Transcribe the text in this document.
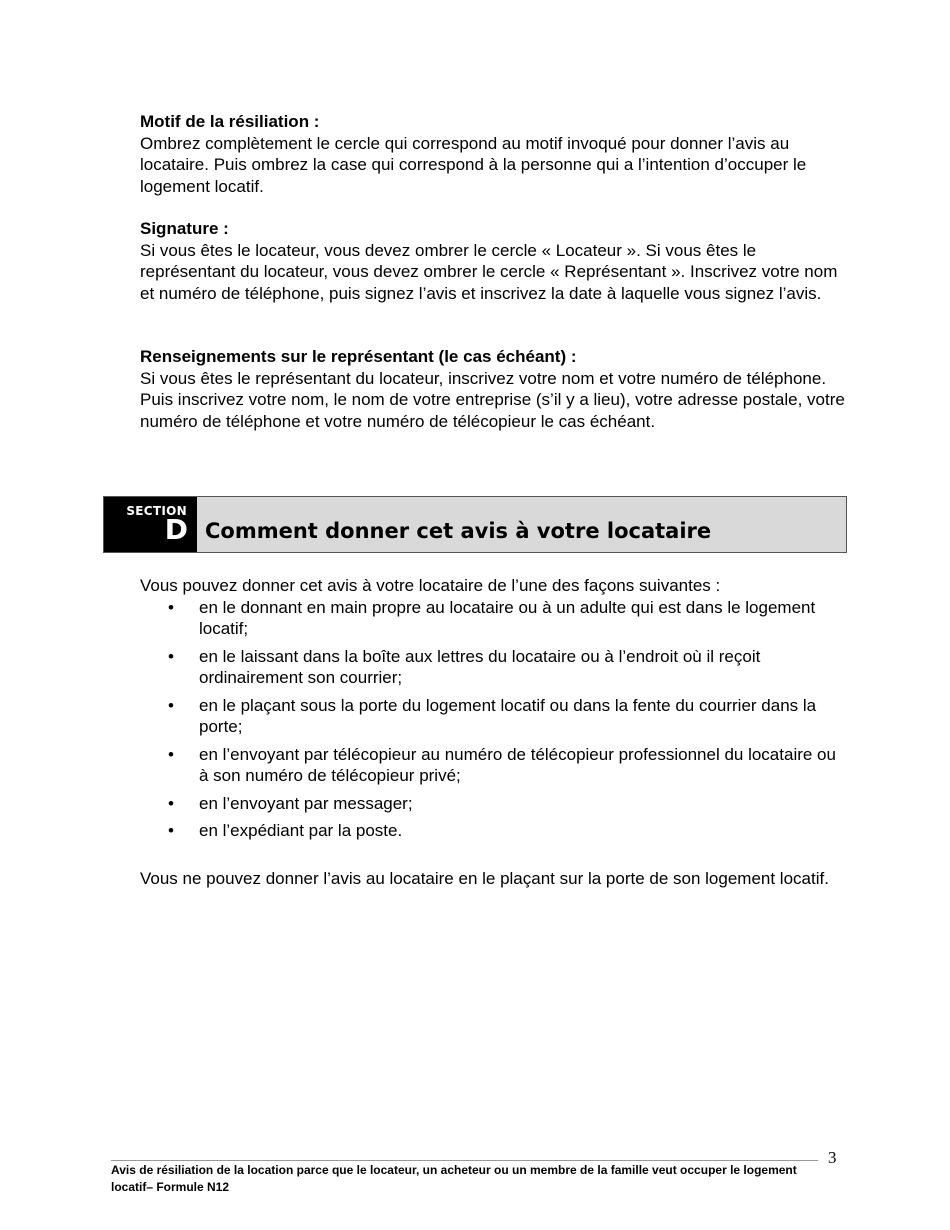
Motif de la résiliation :

Ombrez complètement le cercle qui correspond au motif invoqué pour donner l’avis au locataire. Puis ombrez la case qui correspond à la personne qui a l’intention d’occuper le logement locatif.

Signature :

Si vous êtes le locateur, vous devez ombrer le cercle « Locateur ». Si vous êtes le représentant du locateur, vous devez ombrer le cercle « Représentant ». Inscrivez votre nom et numéro de téléphone, puis signez l’avis et inscrivez la date à laquelle vous signez l’avis.

Renseignements sur le représentant (le cas échéant) :

Si vous êtes le représentant du locateur, inscrivez votre nom et votre numéro de téléphone. Puis inscrivez votre nom, le nom de votre entreprise (s’il y a lieu), votre adresse postale, votre numéro de téléphone et votre numéro de télécopieur le cas échéant.

SECTION
D Comment donner cet avis à votre locataire

Vous pouvez donner cet avis à votre locataire de l’une des façons suivantes :

• en le donnant en main propre au locataire ou à un adulte qui est dans le logement locatif;
• en le laissant dans la boîte aux lettres du locataire ou à l’endroit où il reçoit ordinairement son courrier;
• en le plaçant sous la porte du logement locatif ou dans la fente du courrier dans la porte;
• en l’envoyant par télécopieur au numéro de télécopieur professionnel du locataire ou à son numéro de télécopieur privé;
• en l’envoyant par messager;
• en l’expédiant par la poste.

Vous ne pouvez donner l’avis au locataire en le plaçant sur la porte de son logement locatif.

3
Avis de résiliation de la location parce que le locateur, un acheteur ou un membre de la famille veut occuper le logement locatif– Formule N12
